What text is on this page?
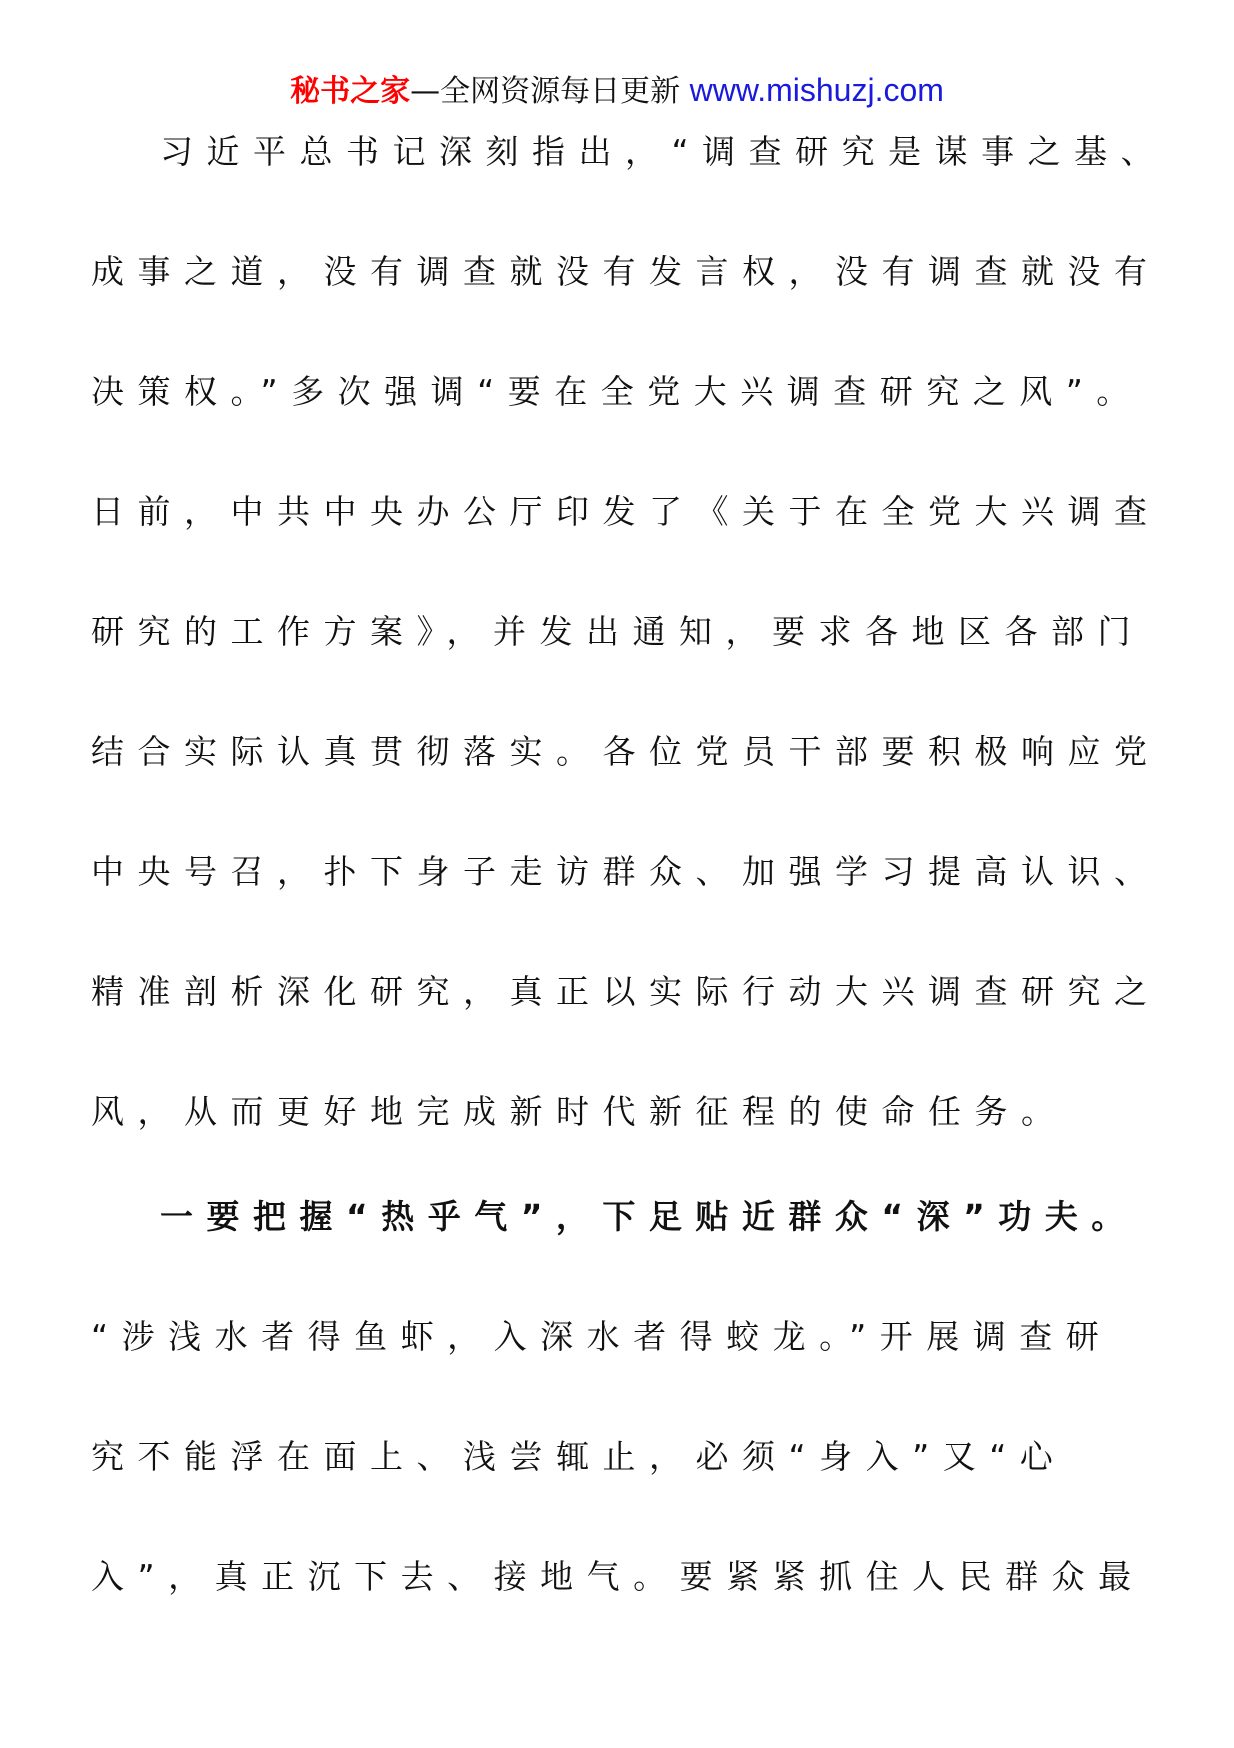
秘书之家—全网资源每日更新 www.mishuzj.com
习近平总书记深刻指出，“调查研究是谋事之基、
成事之道，没有调查就没有发言权，没有调查就没有
决策权。”多次强调“要在全党大兴调查研究之风”。
日前，中共中央办公厅印发了《关于在全党大兴调查
研究的工作方案》，并发出通知，要求各地区各部门
结合实际认真贯彻落实。各位党员干部要积极响应党
中央号召，扑下身子走访群众、加强学习提高认识、
精准剖析深化研究，真正以实际行动大兴调查研究之
风，从而更好地完成新时代新征程的使命任务。
一要把握“热乎气”，下足贴近群众“深”功夫。
“涉浅水者得鱼虾，入深水者得蛟龙。”开展调查研
究不能浮在面上、浅尝辄止，必须“身入”又“心
入”，真正沉下去、接地气。要紧紧抓住人民群众最
